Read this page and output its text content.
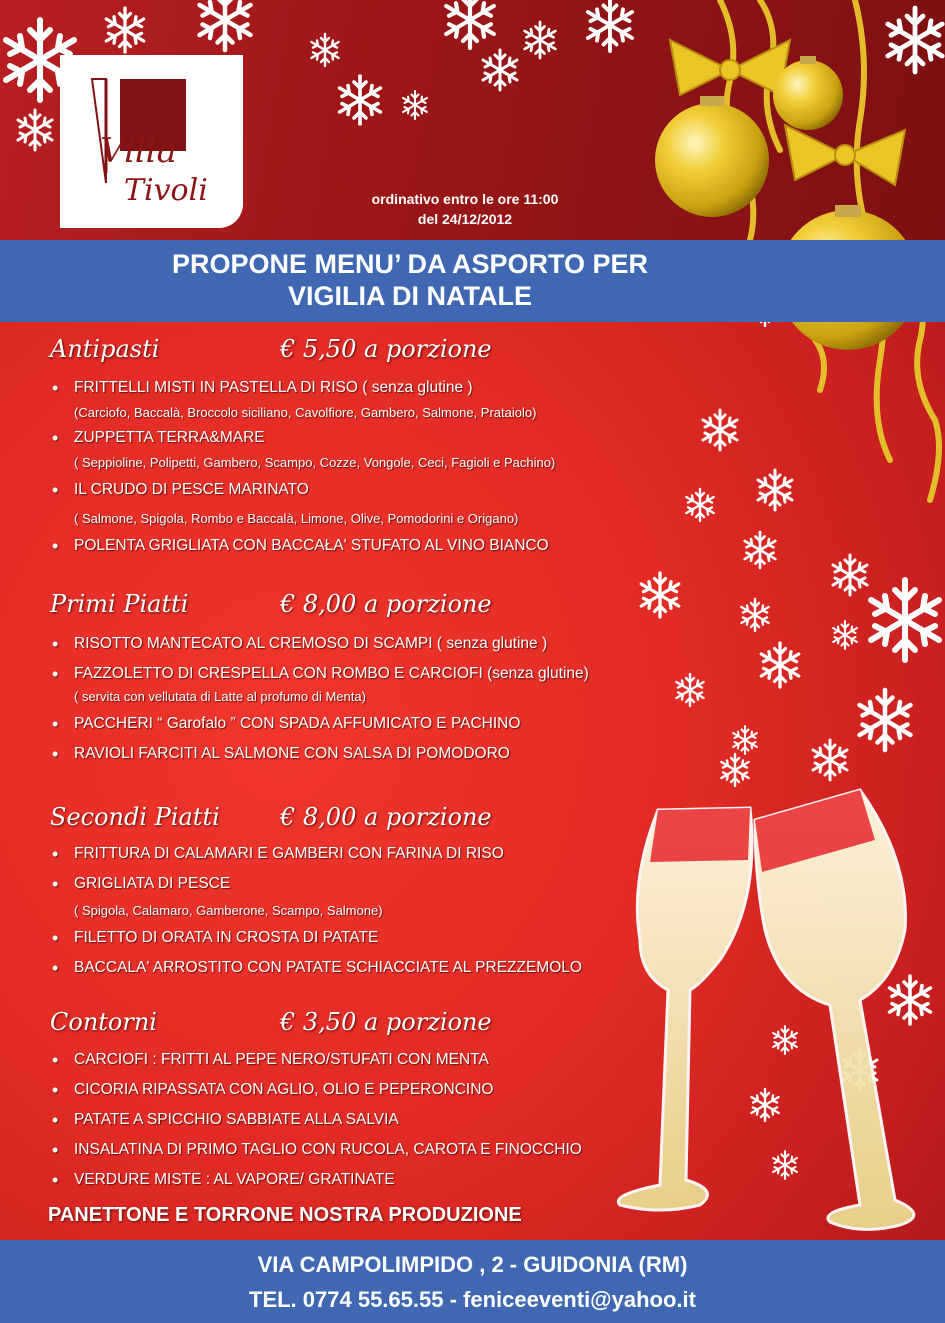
Villa
Tivoli	ordinativo entro le ore 11:00
del 24/12/2012
PROPONE MENU’ DA ASPORTO PER
VIGILIA DI NATALE
Antipasti	€ 5,50 a porzione
• FRITTELLI MISTI IN PASTELLA DI RISO ( senza glutine )
(Carciofo, Baccalà, Broccolo siciliano, Cavolfiore, Gambero, Salmone, Prataiolo)
• ZUPPETTA TERRA&MARE
( Seppioline, Polipetti, Gambero, Scampo, Cozze, Vongole, Ceci, Fagioli e Pachino)
• IL CRUDO DI PESCE MARINATO
( Salmone, Spigola, Rombo e Baccalà, Limone, Olive, Pomodorini e Origano)
• POLENTA GRIGLIATA CON BACCAŁA' STUFATO AL VINO BIANCO
Primi Piatti	€ 8,00 a porzione
• RISOTTO MANTECATO AL CREMOSO DI SCAMPI ( senza glutine )
• FAZZOLETTO DI CRESPELLA CON ROMBO E CARCIOFI (senza glutine)
( servita con vellutata di Latte al profumo di Menta)
• PACCHERI “ Garofalo ” CON SPADA AFFUMICATO E PACHINO
• RAVIOLI FARCITI AL SALMONE CON SALSA DI POMODORO
Secondi Piatti	€ 8,00 a porzione
• FRITTURA DI CALAMARI E GAMBERI CON FARINA DI RISO
• GRIGLIATA DI PESCE
( Spigola, Calamaro, Gamberone, Scampo, Salmone)
• FILETTO DI ORATA IN CROSTA DI PATATE
• BACCALA' ARROSTITO CON PATATE SCHIACCIATE AL PREZZEMOLO
Contorni	€ 3,50 a porzione
• CARCIOFI : FRITTI AL PEPE NERO/STUFATI CON MENTA
• CICORIA RIPASSATA CON AGLIO, OLIO E PEPERONCINO
• PATATE A SPICCHIO SABBIATE ALLA SALVIA
• INSALATINA DI PRIMO TAGLIO CON RUCOLA, CAROTA E FINOCCHIO
• VERDURE MISTE : AL VAPORE/ GRATINATE
PANETTONE E TORRONE NOSTRA PRODUZIONE
VIA CAMPOLIMPIDO , 2 - GUIDONIA (RM)
TEL. 0774 55.65.55 - feniceeventi@yahoo.it
